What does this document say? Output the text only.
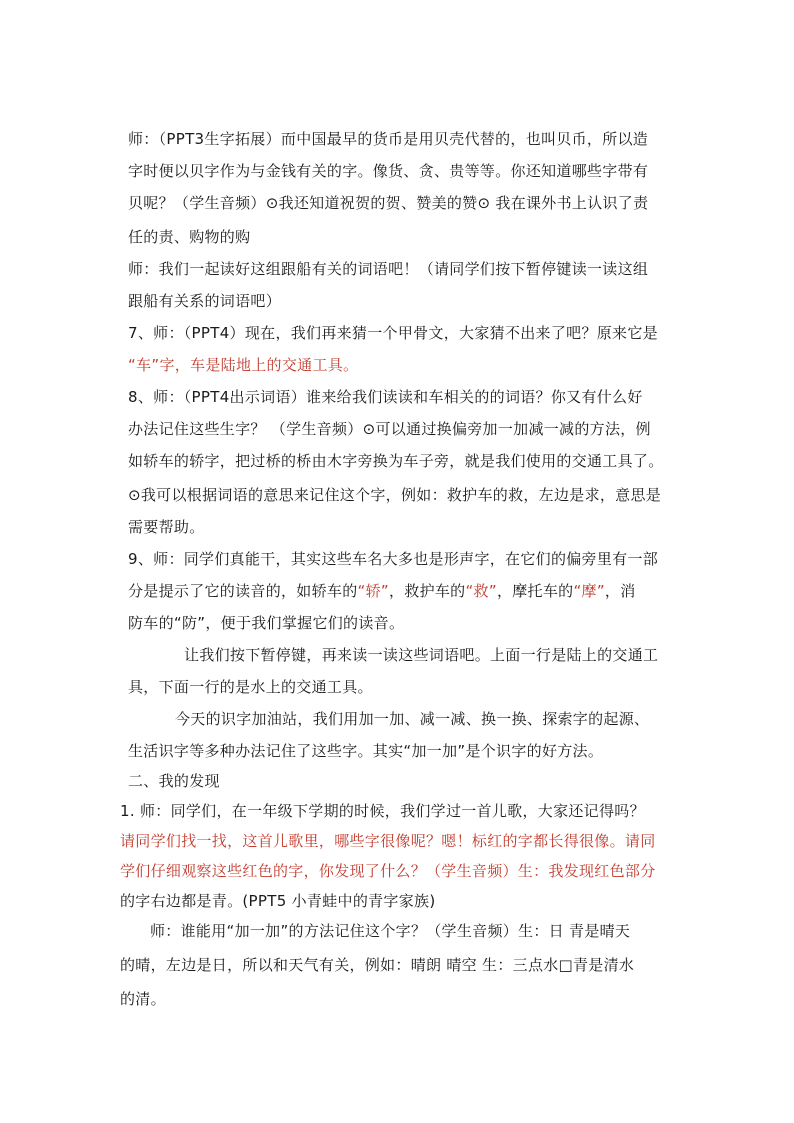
师：（PPT3生字拓展）而中国最早的货币是用贝壳代替的，也叫贝币，所以造
字时便以贝字作为与金钱有关的字。像货、贪、贵等等。你还知道哪些字带有
贝呢？（学生音频）⊙我还知道祝贺的贺、赞美的赞⊙ 我在课外书上认识了责
任的责、购物的购
师：我们一起读好这组跟船有关的词语吧！（请同学们按下暂停键读一读这组
跟船有关系的词语吧）
7、师：（PPT4）现在，我们再来猜一个甲骨文，大家猜不出来了吧？原来它是
“车”字，车是陆地上的交通工具。
8、师：（PPT4出示词语）谁来给我们读读和车相关的的词语？你又有什么好
办法记住这些生字？ （学生音频）⊙可以通过换偏旁加一加减一减的方法，例
如轿车的轿字，把过桥的桥由木字旁换为车子旁，就是我们使用的交通工具了。
⊙我可以根据词语的意思来记住这个字，例如：救护车的救，左边是求，意思是
需要帮助。
9、师：同学们真能干，其实这些车名大多也是形声字，在它们的偏旁里有一部
分是提示了它的读音的，如轿车的“轿”，救护车的“救”，摩托车的“摩”，消
防车的“防”，便于我们掌握它们的读音。
让我们按下暂停键，再来读一读这些词语吧。上面一行是陆上的交通工
具，下面一行的是水上的交通工具。
今天的识字加油站，我们用加一加、减一减、换一换、探索字的起源、
生活识字等多种办法记住了这些字。其实“加一加”是个识字的好方法。
二、我的发现
1. 师：同学们，在一年级下学期的时候，我们学过一首儿歌，大家还记得吗？
请同学们找一找，这首儿歌里，哪些字很像呢？嗯！标红的字都长得很像。请同
学们仔细观察这些红色的字，你发现了什么？（学生音频）生：我发现红色部分
的字右边都是青。(PPT5 小青蛙中的青字家族)
师：谁能用“加一加”的方法记住这个字？（学生音频）生：日 青是晴天
的晴，左边是日，所以和天气有关，例如：晴朗 晴空 生：三点水□青是清水
的清。
